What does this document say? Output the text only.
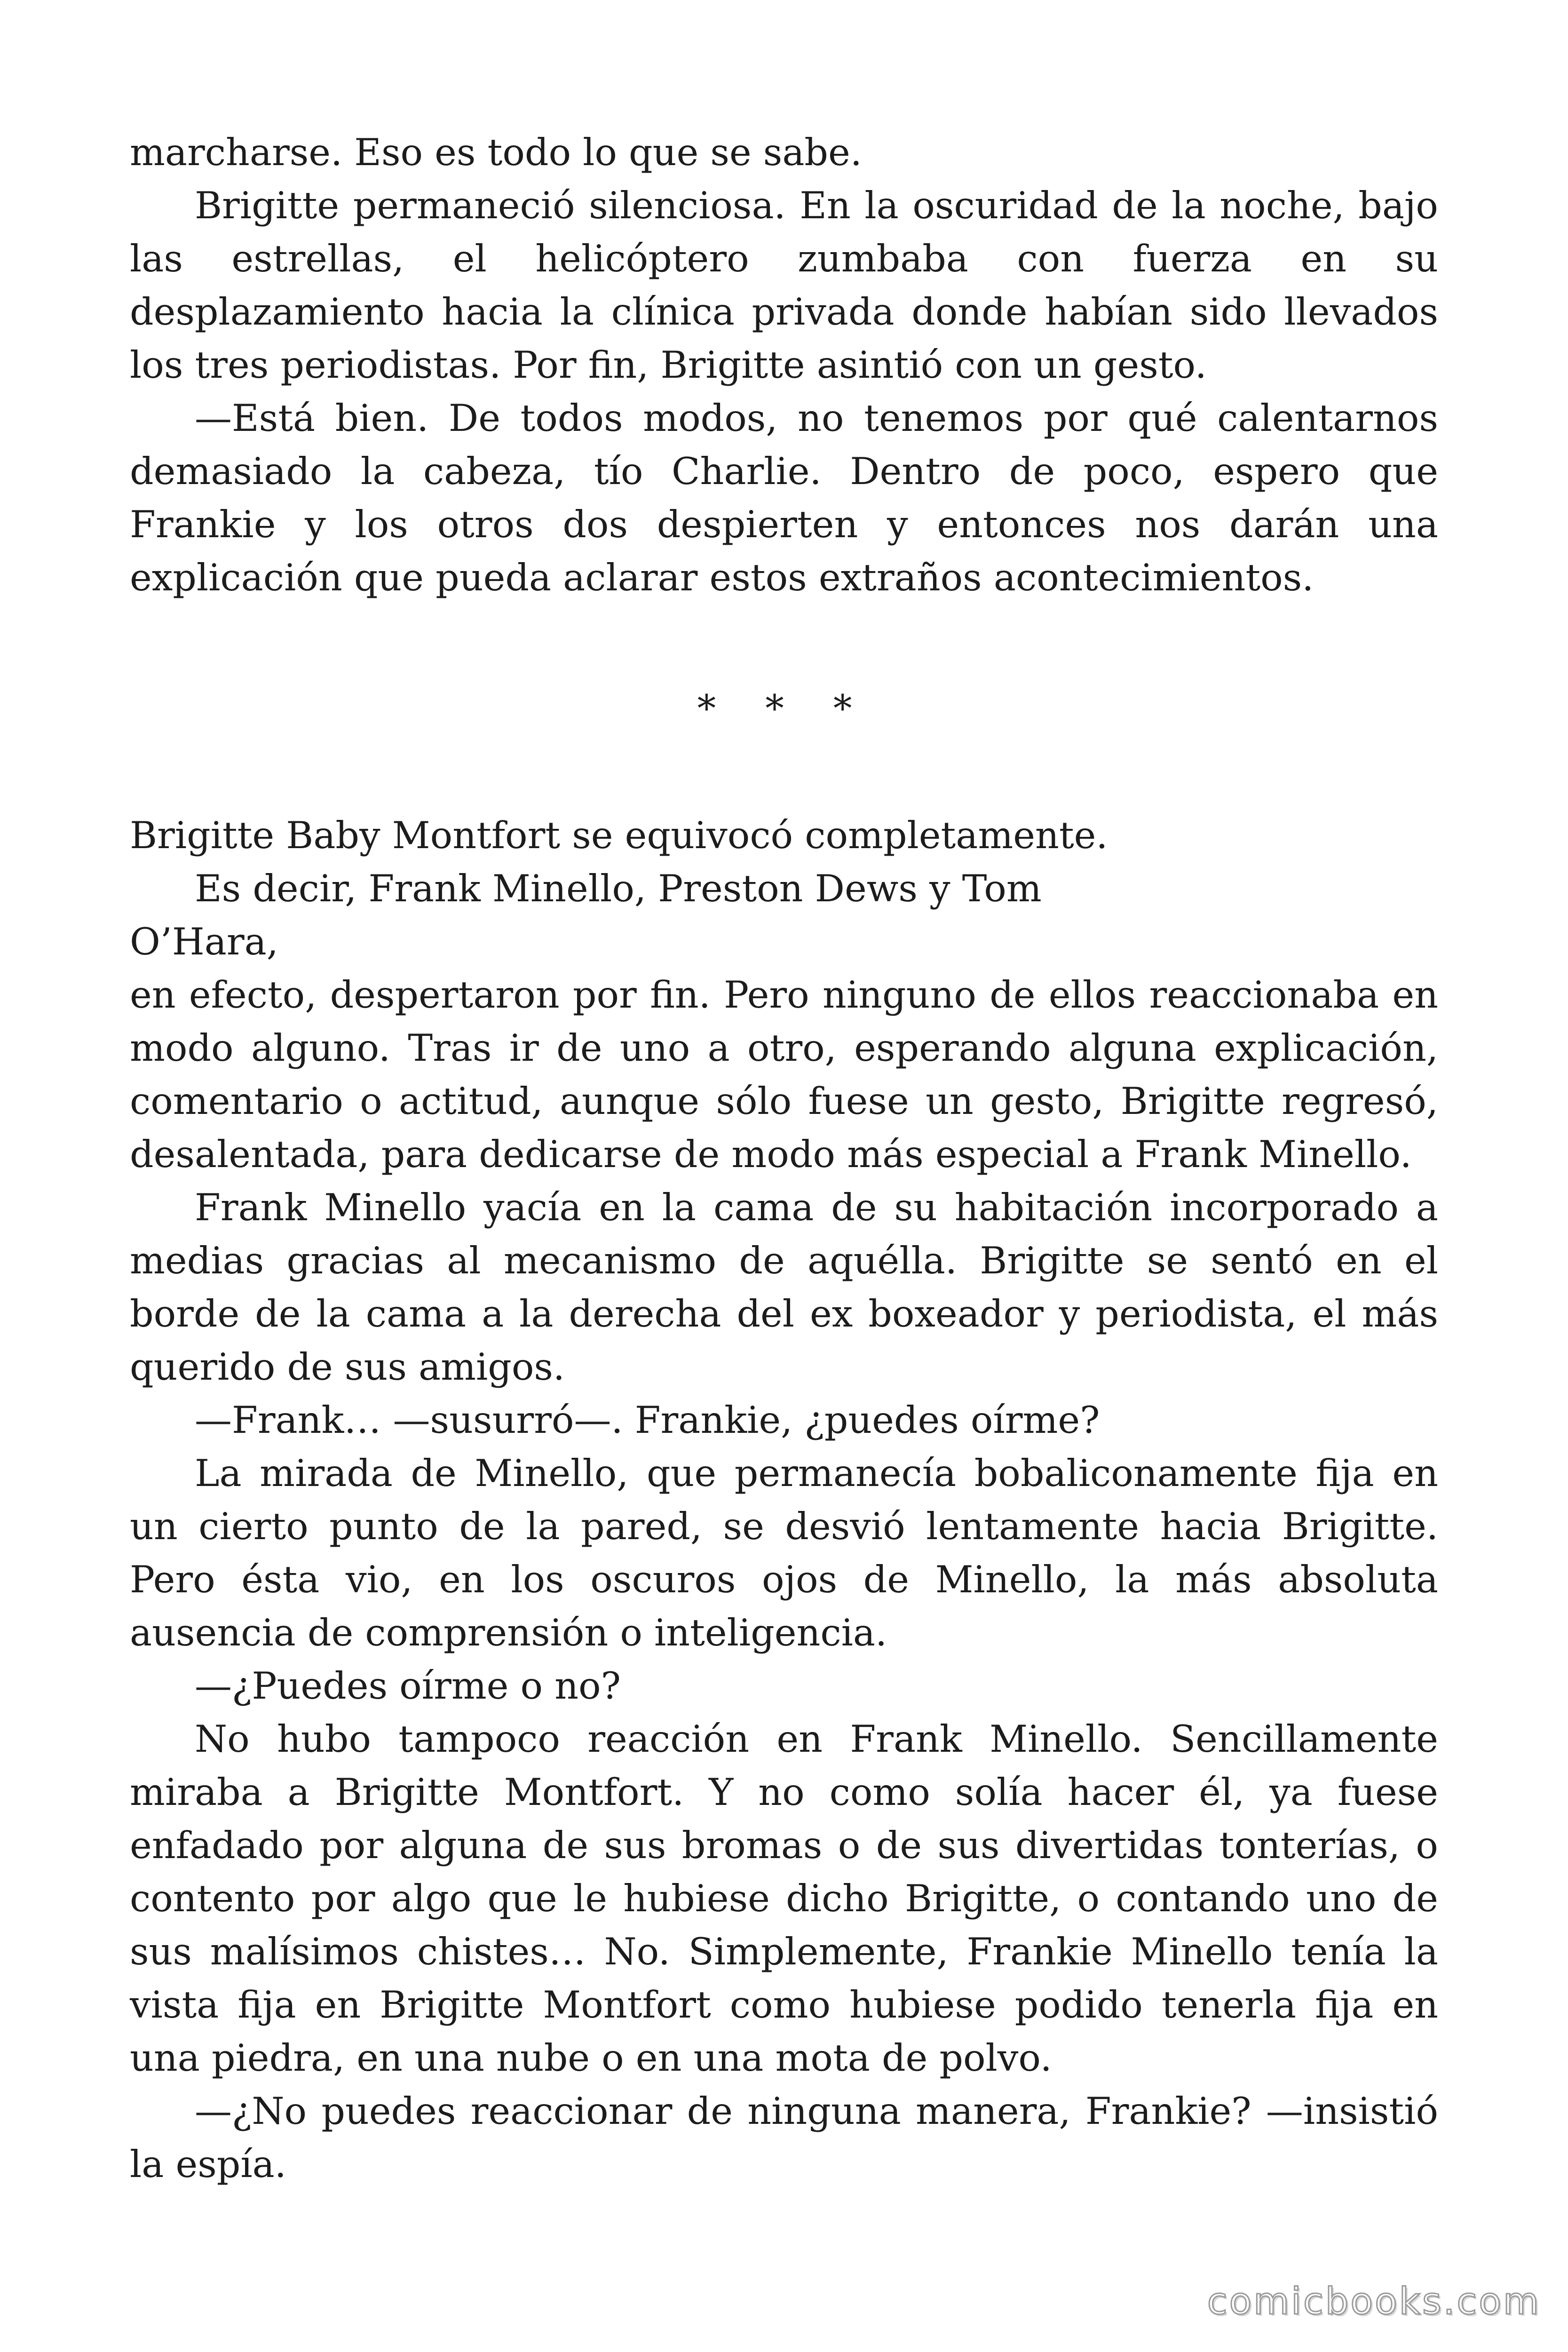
marcharse. Eso es todo lo que se sabe.

Brigitte permaneció silenciosa. En la oscuridad de la noche, bajo las estrellas, el helicóptero zumbaba con fuerza en su desplazamiento hacia la clínica privada donde habían sido llevados los tres periodistas. Por fin, Brigitte asintió con un gesto.

—Está bien. De todos modos, no tenemos por qué calentarnos demasiado la cabeza, tío Charlie. Dentro de poco, espero que Frankie y los otros dos despierten y entonces nos darán una explicación que pueda aclarar estos extraños acontecimientos.

* * *

Brigitte Baby Montfort se equivocó completamente.

Es decir, Frank Minello, Preston Dews y Tom

O’Hara,

en efecto, despertaron por fin. Pero ninguno de ellos reaccionaba en modo alguno. Tras ir de uno a otro, esperando alguna explicación, comentario o actitud, aunque sólo fuese un gesto, Brigitte regresó, desalentada, para dedicarse de modo más especial a Frank Minello.

Frank Minello yacía en la cama de su habitación incorporado a medias gracias al mecanismo de aquélla. Brigitte se sentó en el borde de la cama a la derecha del ex boxeador y periodista, el más querido de sus amigos.

—Frank… —susurró—. Frankie, ¿puedes oírme?

La mirada de Minello, que permanecía bobaliconamente fija en un cierto punto de la pared, se desvió lentamente hacia Brigitte. Pero ésta vio, en los oscuros ojos de Minello, la más absoluta ausencia de comprensión o inteligencia.

—¿Puedes oírme o no?

No hubo tampoco reacción en Frank Minello. Sencillamente miraba a Brigitte Montfort. Y no como solía hacer él, ya fuese enfadado por alguna de sus bromas o de sus divertidas tonterías, o contento por algo que le hubiese dicho Brigitte, o contando uno de sus malísimos chistes… No. Simplemente, Frankie Minello tenía la vista fija en Brigitte Montfort como hubiese podido tenerla fija en una piedra, en una nube o en una mota de polvo.

—¿No puedes reaccionar de ninguna manera, Frankie? —insistió la espía.

comicbooks.com
